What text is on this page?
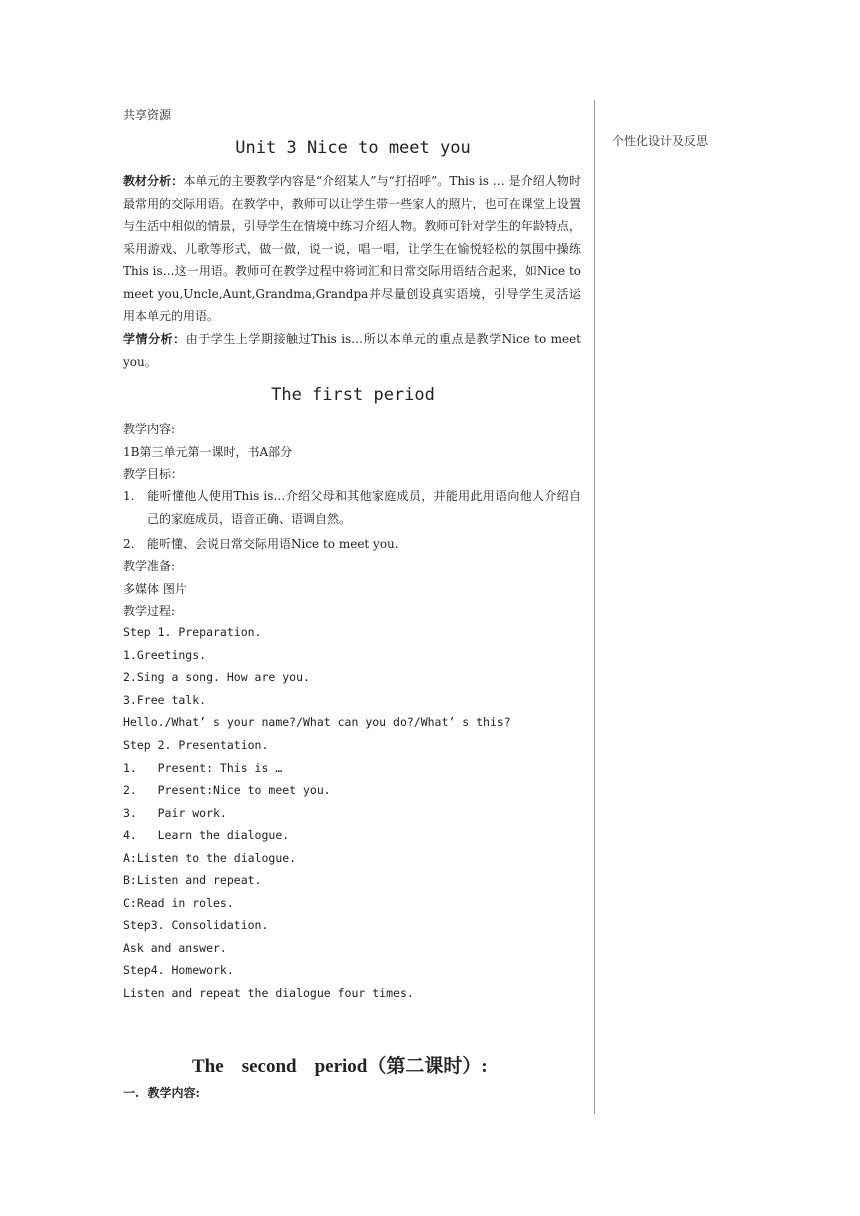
个性化设计及反思
共享资源
Unit 3 Nice to meet you
教材分析：本单元的主要教学内容是“介绍某人”与“打招呼”。This is … 是介绍人物时最常用的交际用语。在教学中，教师可以让学生带一些家人的照片，也可在课堂上设置与生活中相似的情景，引导学生在情境中练习介绍人物。教师可针对学生的年龄特点，采用游戏、儿歌等形式，做一做，说一说，唱一唱，让学生在愉悦轻松的氛围中操练This is…这一用语。教师可在教学过程中将词汇和日常交际用语结合起来，如Nice to meet you,Uncle,Aunt,Grandma,Grandpa并尽量创设真实语境，引导学生灵活运用本单元的用语。
学情分析：由于学生上学期接触过This is…所以本单元的重点是教学Nice to meet you。
The first period
教学内容:
1B第三单元第一课时，书A部分
教学目标：
1. 能听懂他人使用This is…介绍父母和其他家庭成员，并能用此用语向他人介绍自己的家庭成员，语音正确、语调自然。
2. 能听懂、会说日常交际用语Nice to meet you.
教学准备:
多媒体 图片
教学过程:
Step 1. Preparation.
1.Greetings.
2.Sing a song. How are you.
3.Free talk.
Hello./What’ s your name?/What can you do?/What’ s this?
Step 2. Presentation.
1.   Present: This is …
2.   Present:Nice to meet you.
3.   Pair work.
4.   Learn the dialogue.
A:Listen to the dialogue.
B:Listen and repeat.
C:Read in roles.
Step3. Consolidation.
Ask and answer.
Step4. Homework.
Listen and repeat the dialogue four times.
The second period（第二课时）:
一.  教学内容:
